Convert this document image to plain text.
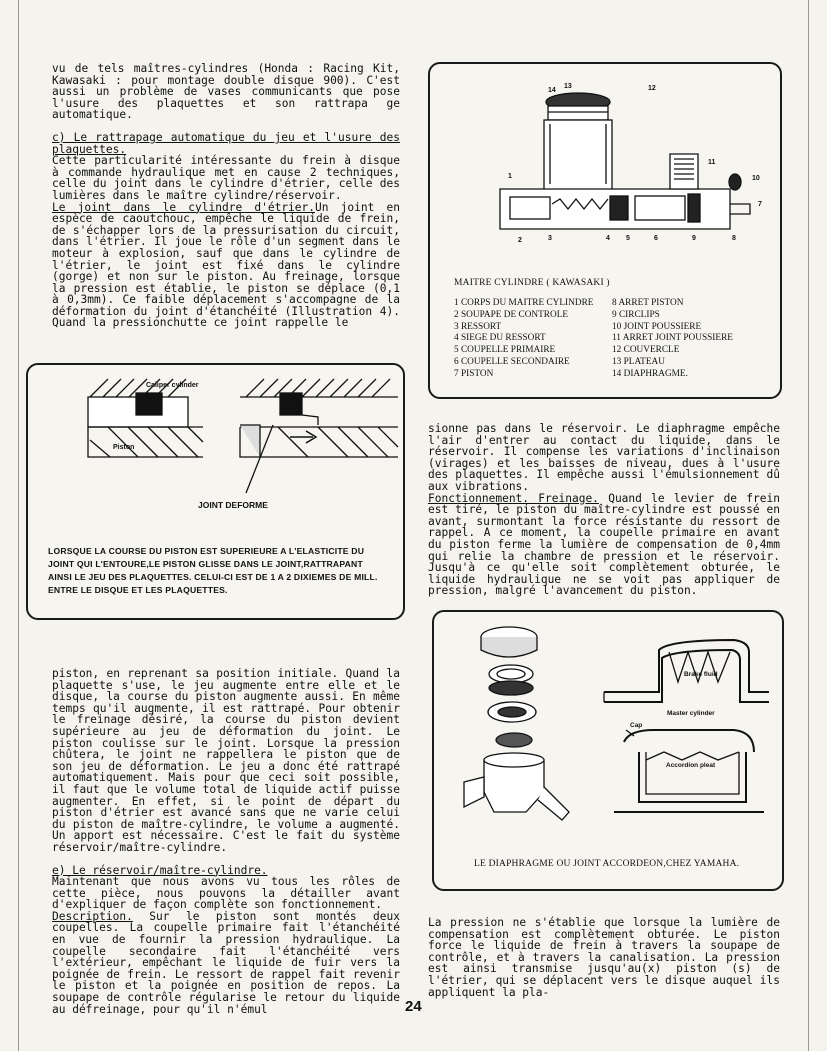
vu de tels maîtres-cylindres (Honda : Racing Kit, Kawasaki : pour montage double disque 900). C'est aussi un problème de vases communicants que pose l'usure des plaquettes et son rattrapa ge automatique.

c) Le rattrapage automatique du jeu et l'usure des plaquettes.

Cette particularité intéressante du frein à disque à commande hydraulique met en cause 2 techniques, celle du joint dans le cylindre d'étrier, celle des lumières dans le maître cylindre/réservoir.

Le joint dans le cylindre d'étrier.Un joint en espèce de caoutchouc, empêche le liquide de frein, de s'échapper lors de la pressurisation du circuit, dans l'étrier. Il joue le rôle d'un segment dans le moteur à explosion, sauf que dans le cylindre de l'étrier, le joint est fixé dans le cylindre (gorge) et non sur le piston. Au freinage, lorsque la pression est établie, le piston se déplace (0,1 à 0,3mm). Ce faible déplacement s'accompagne de la déformation du joint d'étanchéité (Illustration 4). Quand la pressionchutte ce joint rappelle le

Caliper cylinder
Piston
JOINT DEFORME
LORSQUE LA COURSE DU PISTON EST SUPERIEURE A L'ELASTICITE DU JOINT QUI L'ENTOURE,LE PISTON GLISSE DANS LE JOINT,RATTRAPANT AINSI LE JEU DES PLAQUETTES. CELUI-CI EST DE 1 A 2 DIXIEMES DE MILL. ENTRE LE DISQUE ET LES PLAQUETTES.

piston, en reprenant sa position initiale. Quand la plaquette s'use, le jeu augmente entre elle et le disque, la course du piston augmente aussi. En même temps qu'il augmente, il est rattrapé. Pour obtenir le freinage désiré, la course du piston devient supérieure au jeu de déformation du joint. Le piston coulisse sur le joint. Lorsque la pression chûtera, le joint ne rappellera le piston que de son jeu de déformation. Le jeu a donc été rattrapé automatiquement. Mais pour que ceci soit possible, il faut que le volume total de liquide actif puisse augmenter. En effet, si le point de départ du piston d'étrier est avancé sans que ne varie celui du piston de maître-cylindre, le volume a augmenté. Un apport est nécessaire. C'est le fait du système réservoir/maître-cylindre.

e) Le réservoir/maître-cylindre.

Maintenant que nous avons vu tous les rôles de cette pièce, nous pouvons la détailler avant d'expliquer de façon complète son fonctionnement.

Description. Sur le piston sont montés deux coupelles. La coupelle primaire fait l'étanchéité en vue de fournir la pression hydraulique. La coupelle secondaire fait l'étanchéité vers l'extérieur, empêchant le liquide de fuir vers la poignée de frein. Le ressort de rappel fait revenir le piston et la poignée en position de repos. La soupape de contrôle régularise le retour du liquide au défreinage, pour qu'il n'émul

14
13	12
11
10
1
7
2	3	4 5	6	9	8
MAITRE CYLINDRE ( KAWASAKI )
1 CORPS DU MAITRE CYLINDRE
2 SOUPAPE DE CONTROLE
3 RESSORT
4 SIEGE DU RESSORT
5 COUPELLE PRIMAIRE
6 COUPELLE SECONDAIRE
7 PISTON
8 ARRET PISTON
9 CIRCLIPS
10 JOINT POUSSIERE
11 ARRET JOINT POUSSIERE
12 COUVERCLE
13 PLATEAU
14 DIAPHRAGME.

sionne pas dans le réservoir. Le diaphragme empêche l'air d'entrer au contact du liquide, dans le réservoir. Il compense les variations d'inclinaison (virages) et les baisses de niveau, dues à l'usure des plaquettes. Il empêche aussi l'émulsionnement dû aux vibrations.

Fonctionnement. Freinage. Quand le levier de frein est tiré, le piston du maître-cylindre est poussé en avant, surmontant la force résistante du ressort de rappel. A ce moment, la coupelle primaire en avant du piston ferme la lumière de compensation de 0,4mm qui relie la chambre de pression et le réservoir. Jusqu'à ce qu'elle soit complètement obturée, le liquide hydraulique ne se voit pas appliquer de pression, malgré l'avancement du piston.

Brake fluid
Master cylinder
Cap
Accordion pleat
LE DIAPHRAGME OU JOINT ACCORDEON,CHEZ YAMAHA.

La pression ne s'établie que lorsque la lumière de compensation est complètement obturée. Le piston force le liquide de frein à travers la soupape de contrôle, et à travers la canalisation. La pression est ainsi transmise jusqu'au(x) piston (s) de l'étrier, qui se déplacent vers le disque auquel ils appliquent la pla-

24
